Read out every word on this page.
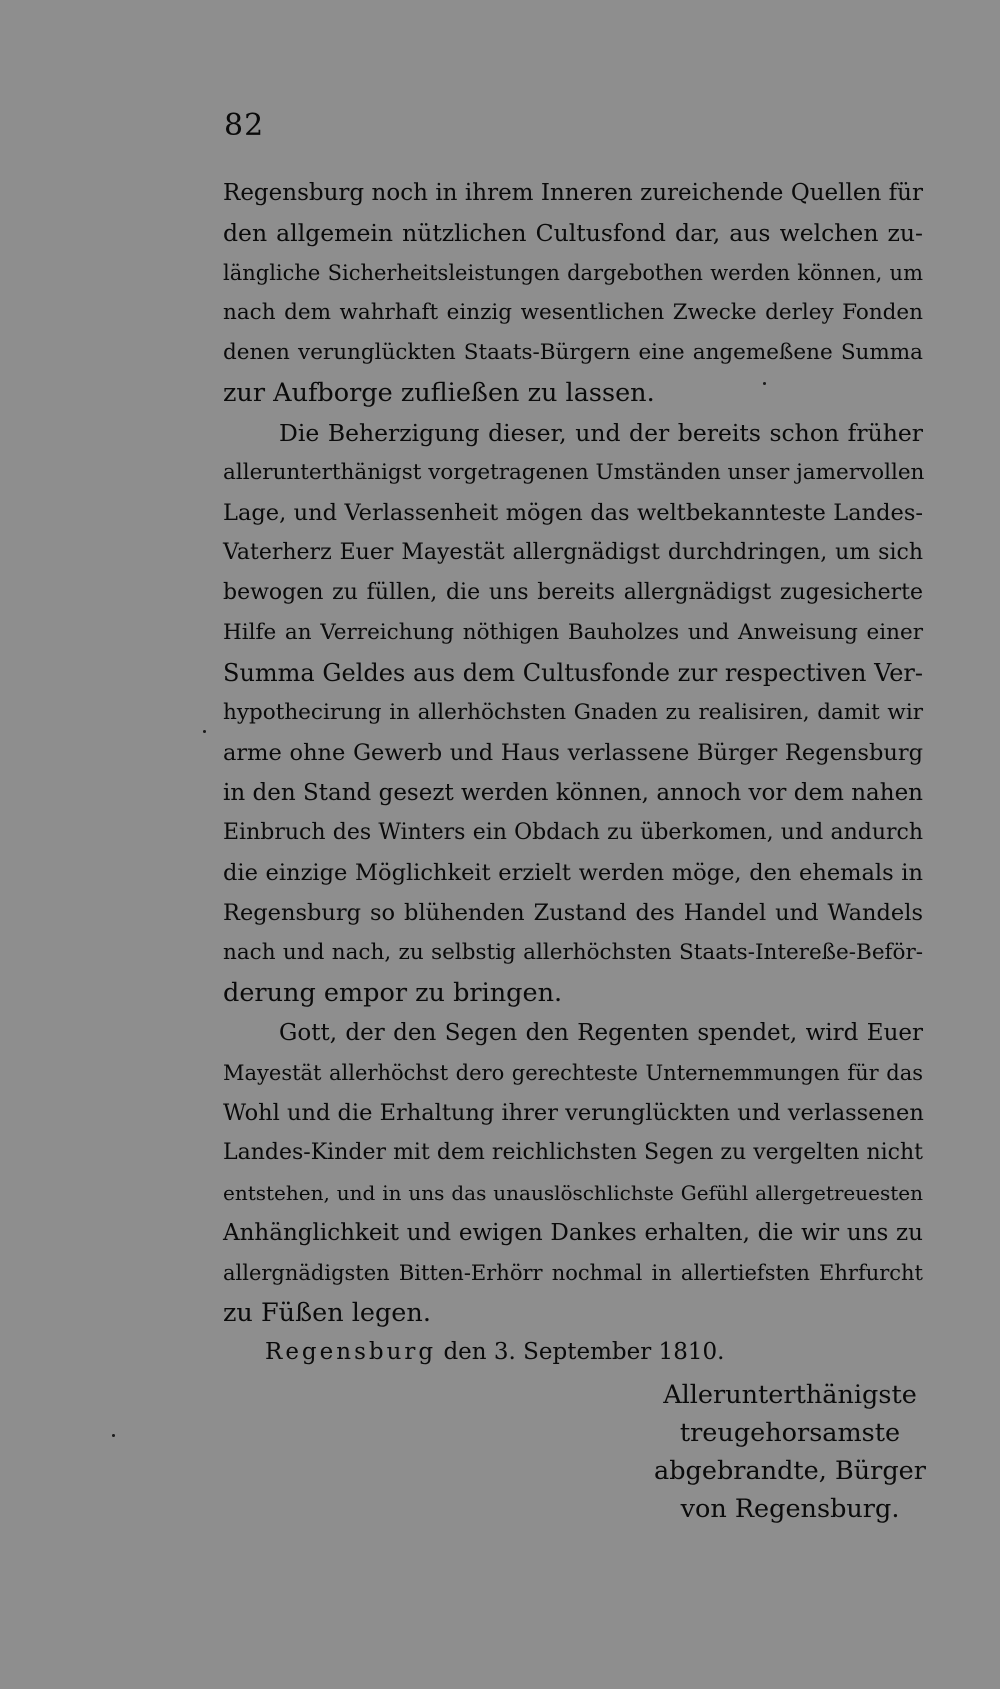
82
Regensburg noch in ihrem Inneren zureichende Quellen für
den allgemein nützlichen Cultusfond dar, aus welchen zu-
längliche Sicherheitsleistungen dargebothen werden können, um
nach dem wahrhaft einzig wesentlichen Zwecke derley Fonden
denen verunglückten Staats-Bürgern eine angemeßene Summa
zur Aufborge zufließen zu lassen.
Die Beherzigung dieser, und der bereits schon früher
allerunterthänigst vorgetragenen Umständen unser jamervollen
Lage, und Verlassenheit mögen das weltbekannteste Landes-
Vaterherz Euer Mayestät allergnädigst durchdringen, um sich
bewogen zu füllen, die uns bereits allergnädigst zugesicherte
Hilfe an Verreichung nöthigen Bauholzes und Anweisung einer
Summa Geldes aus dem Cultusfonde zur respectiven Ver-
hypothecirung in allerhöchsten Gnaden zu realisiren, damit wir
arme ohne Gewerb und Haus verlassene Bürger Regensburg
in den Stand gesezt werden können, annoch vor dem nahen
Einbruch des Winters ein Obdach zu überkomen, und andurch
die einzige Möglichkeit erzielt werden möge, den ehemals in
Regensburg so blühenden Zustand des Handel und Wandels
nach und nach, zu selbstig allerhöchsten Staats-Intereße-Beför-
derung empor zu bringen.
Gott, der den Segen den Regenten spendet, wird Euer
Mayestät allerhöchst dero gerechteste Unternemmungen für das
Wohl und die Erhaltung ihrer verunglückten und verlassenen
Landes-Kinder mit dem reichlichsten Segen zu vergelten nicht
entstehen, und in uns das unauslöschlichste Gefühl allergetreuesten
Anhänglichkeit und ewigen Dankes erhalten, die wir uns zu
allergnädigsten Bitten-Erhörr nochmal in allertiefsten Ehrfurcht
zu Füßen legen.
Regensburg den 3. September 1810.
Allerunterthänigste
treugehorsamste
abgebrandte, Bürger
von Regensburg.
